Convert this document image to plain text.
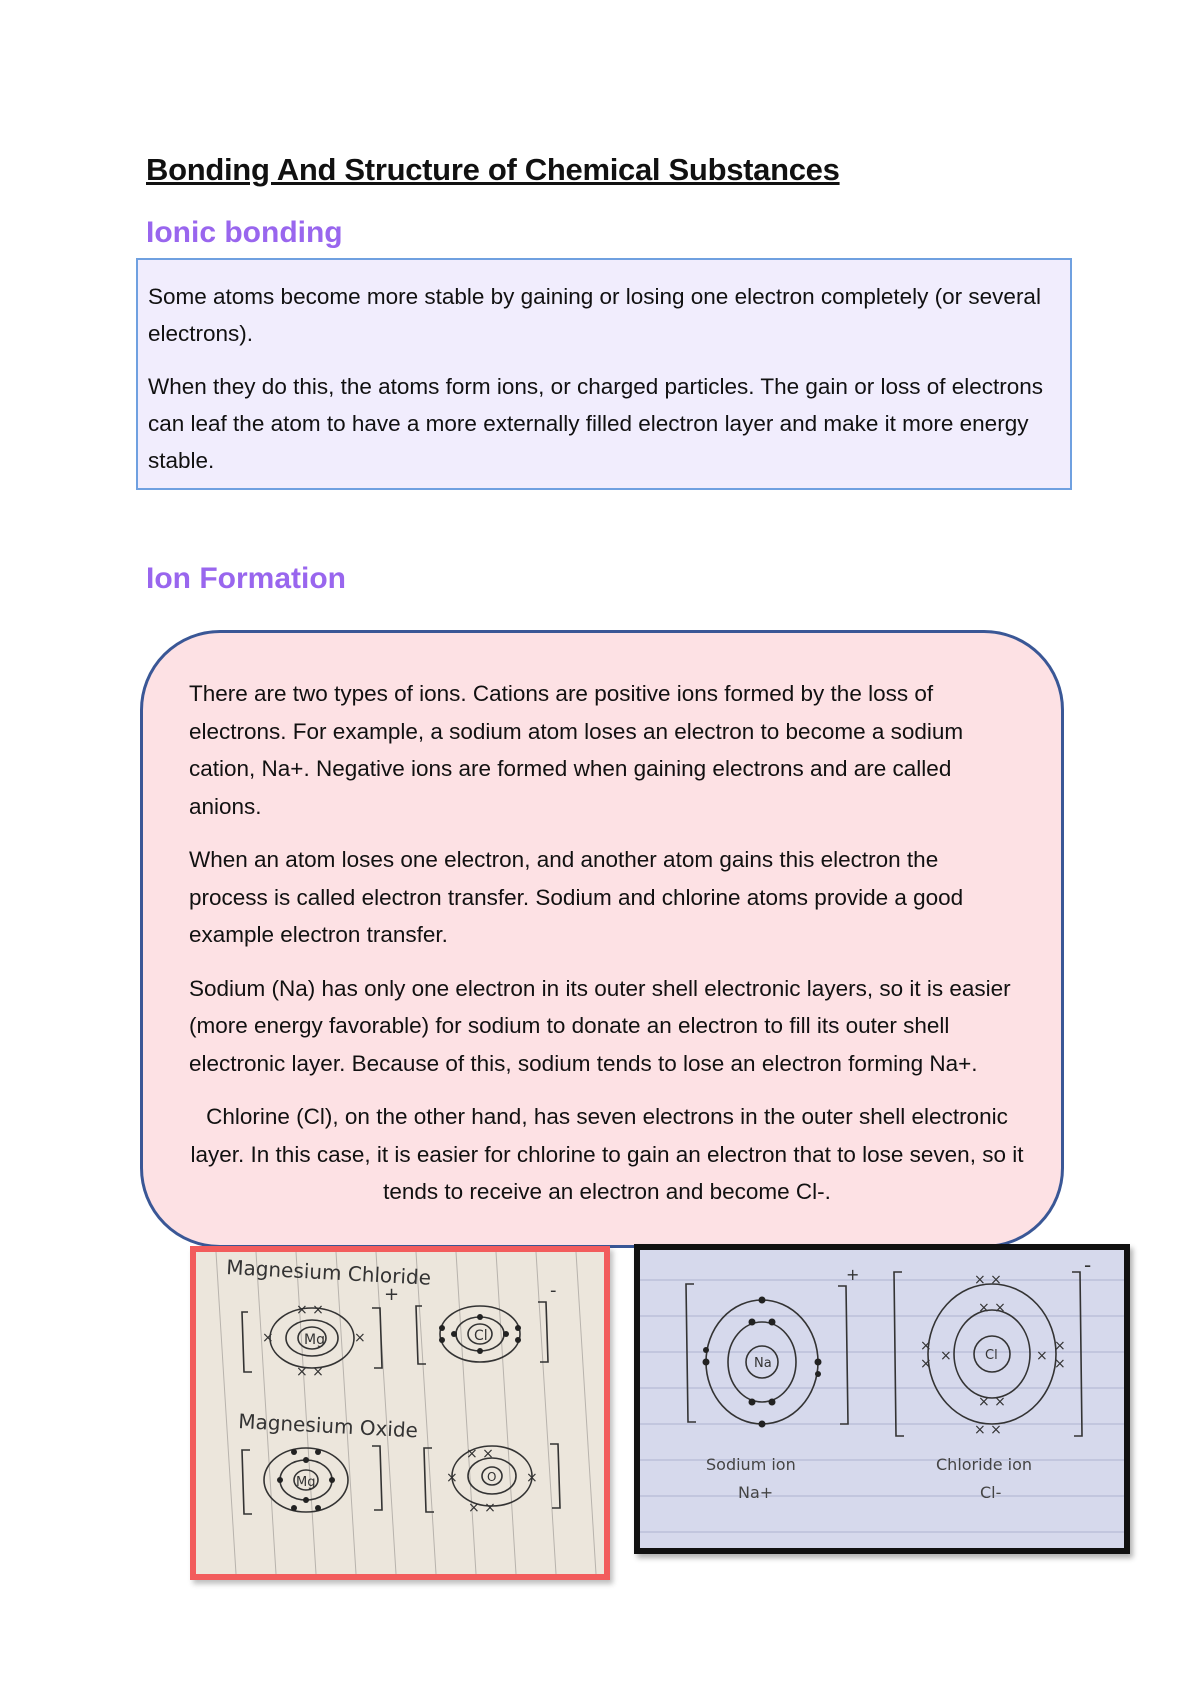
Bonding And Structure of Chemical Substances
Ionic bonding

Some atoms become more stable by gaining or losing one electron completely (or several electrons).

When they do this, the atoms form ions, or charged particles. The gain or loss of electrons can leaf the atom to have a more externally filled electron layer and make it more energy stable.

Ion Formation

There are two types of ions. Cations are positive ions formed by the loss of electrons. For example, a sodium atom loses an electron to become a sodium cation, Na+. Negative ions are formed when gaining electrons and are called anions.

When an atom loses one electron, and another atom gains this electron the process is called electron transfer. Sodium and chlorine atoms provide a good example electron transfer.

Sodium (Na) has only one electron in its outer shell electronic layers, so it is easier (more energy favorable) for sodium to donate an electron to fill its outer shell electronic layer. Because of this, sodium tends to lose an electron forming Na+.

Chlorine (Cl), on the other hand, has seven electrons in the outer shell electronic layer. In this case, it is easier for chlorine to gain an electron that to lose seven, so it tends to receive an electron and become Cl-.

Magnesium Chloride
× ×
× ×
×	×
× ×
×	×
× ×
Mg	Cl
+	-
Magnesium Oxide
Mg	O
× ×
× ×
×
×
×
×
× ×
× ×
×	×
Na
Cl
+	-
Sodium ion
Na+
Chloride ion
Cl-
